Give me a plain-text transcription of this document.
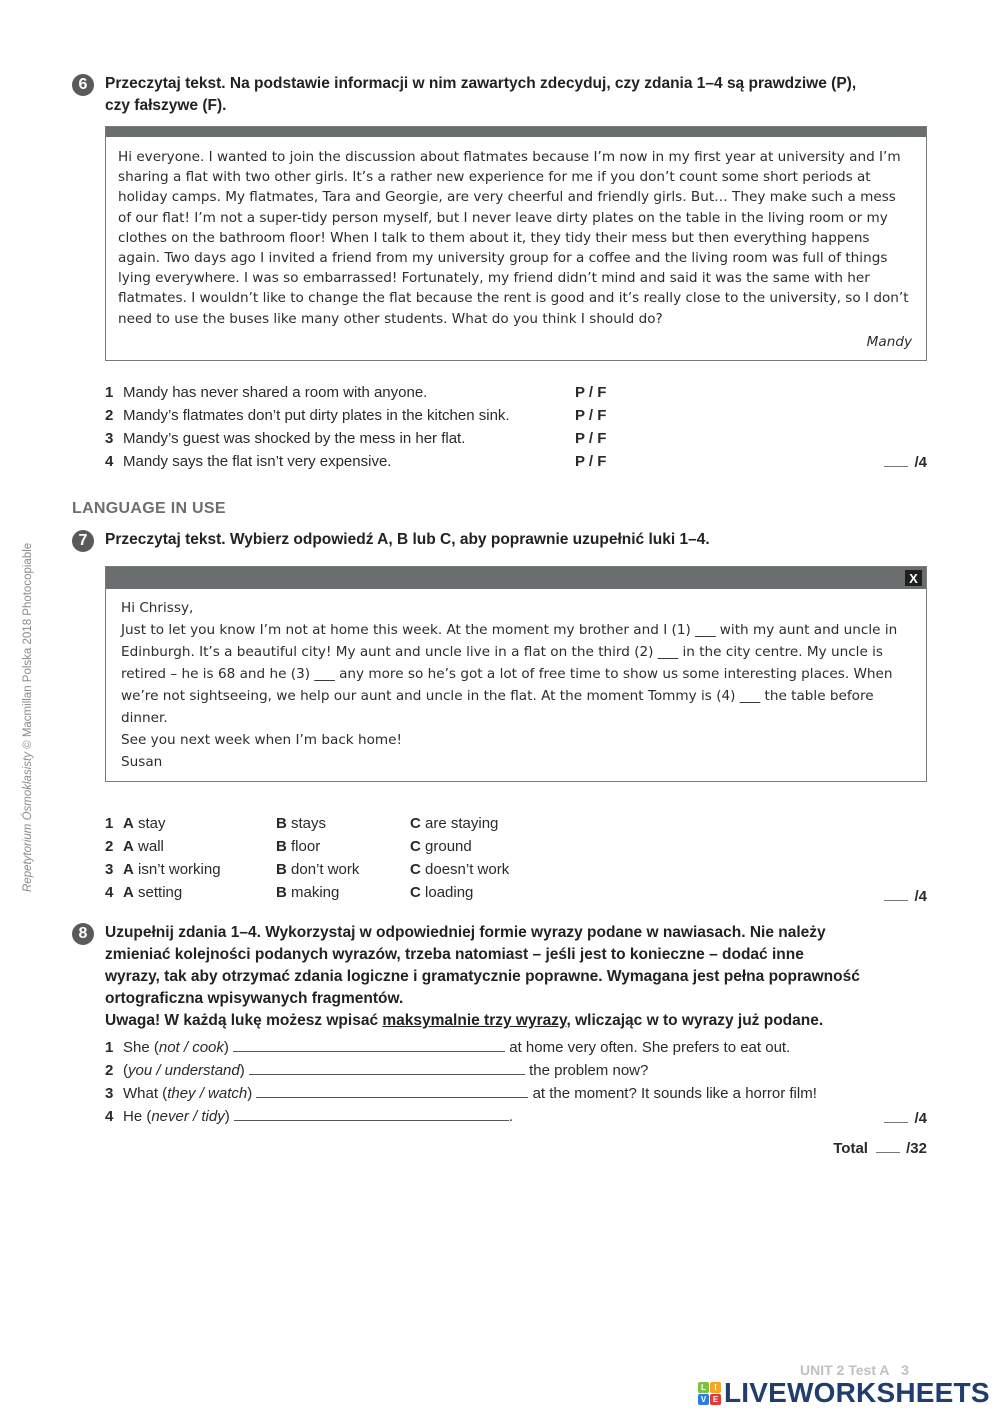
6	Przeczytaj tekst. Na podstawie informacji w nim zawartych zdecyduj, czy zdania 1–4 są prawdziwe (P),
czy fałszywe (F).
Hi everyone. I wanted to join the discussion about flatmates because I’m now in my first year at university and I’m sharing a flat with two other girls. It’s a rather new experience for me if you don’t count some short periods at holiday camps. My flatmates, Tara and Georgie, are very cheerful and friendly girls. But… They make such a mess of our flat! I’m not a super-tidy person myself, but I never leave dirty plates on the table in the living room or my clothes on the bathroom floor! When I talk to them about it, they tidy their mess but then everything happens again. Two days ago I invited a friend from my university group for a coffee and the living room was full of things lying everywhere. I was so embarrassed! Fortunately, my friend didn’t mind and said it was the same with her flatmates. I wouldn’t like to change the flat because the rent is good and it’s really close to the university, so I don’t need to use the buses like many other students. What do you think I should do?
Mandy
1 Mandy has never shared a room with anyone.	P / F
2 Mandy’s flatmates don’t put dirty plates in the kitchen sink.	P / F
3 Mandy’s guest was shocked by the mess in her flat.	P / F
4 Mandy says the flat isn’t very expensive.	P / F	/4
LANGUAGE IN USE
7	Przeczytaj tekst. Wybierz odpowiedź A, B lub C, aby poprawnie uzupełnić luki 1–4.
X
Hi Chrissy,
Just to let you know I’m not at home this week. At the moment my brother and I (1) ___ with my aunt and uncle in Edinburgh. It’s a beautiful city! My aunt and uncle live in a flat on the third (2) ___ in the city centre. My uncle is retired – he is 68 and he (3) ___ any more so he’s got a lot of free time to show us some interesting places. When we’re not sightseeing, we help our aunt and uncle in the flat. At the moment Tommy is (4) ___ the table before dinner.
See you next week when I’m back home!
Susan
1 A stay	B stays	C are staying
2 A wall	B floor	C ground
3 A isn’t working	B don’t work	C doesn’t work
4 A setting	B making	C loading	/4
8	Uzupełnij zdania 1–4. Wykorzystaj w odpowiedniej formie wyrazy podane w nawiasach. Nie należy
zmieniać kolejności podanych wyrazów, trzeba natomiast – jeśli jest to konieczne – dodać inne
wyrazy, tak aby otrzymać zdania logiczne i gramatycznie poprawne. Wymagana jest pełna poprawność
ortograficzna wpisywanych fragmentów.
Uwaga! W każdą lukę możesz wpisać maksymalnie trzy wyrazy, wliczając w to wyrazy już podane.
1 She (not / cook)	at home very often. She prefers to eat out.
2 (you / understand)	the problem now?
3 What (they / watch)	at the moment? It sounds like a horror film!
4 He (never / tidy)	.	/4
Total	/32
Repetytorium Ósmoklasisty © Macmillan Polska 2018 Photocopiable
UNIT 2 Test A 3
L	I
V E LIVEWORKSHEETS
